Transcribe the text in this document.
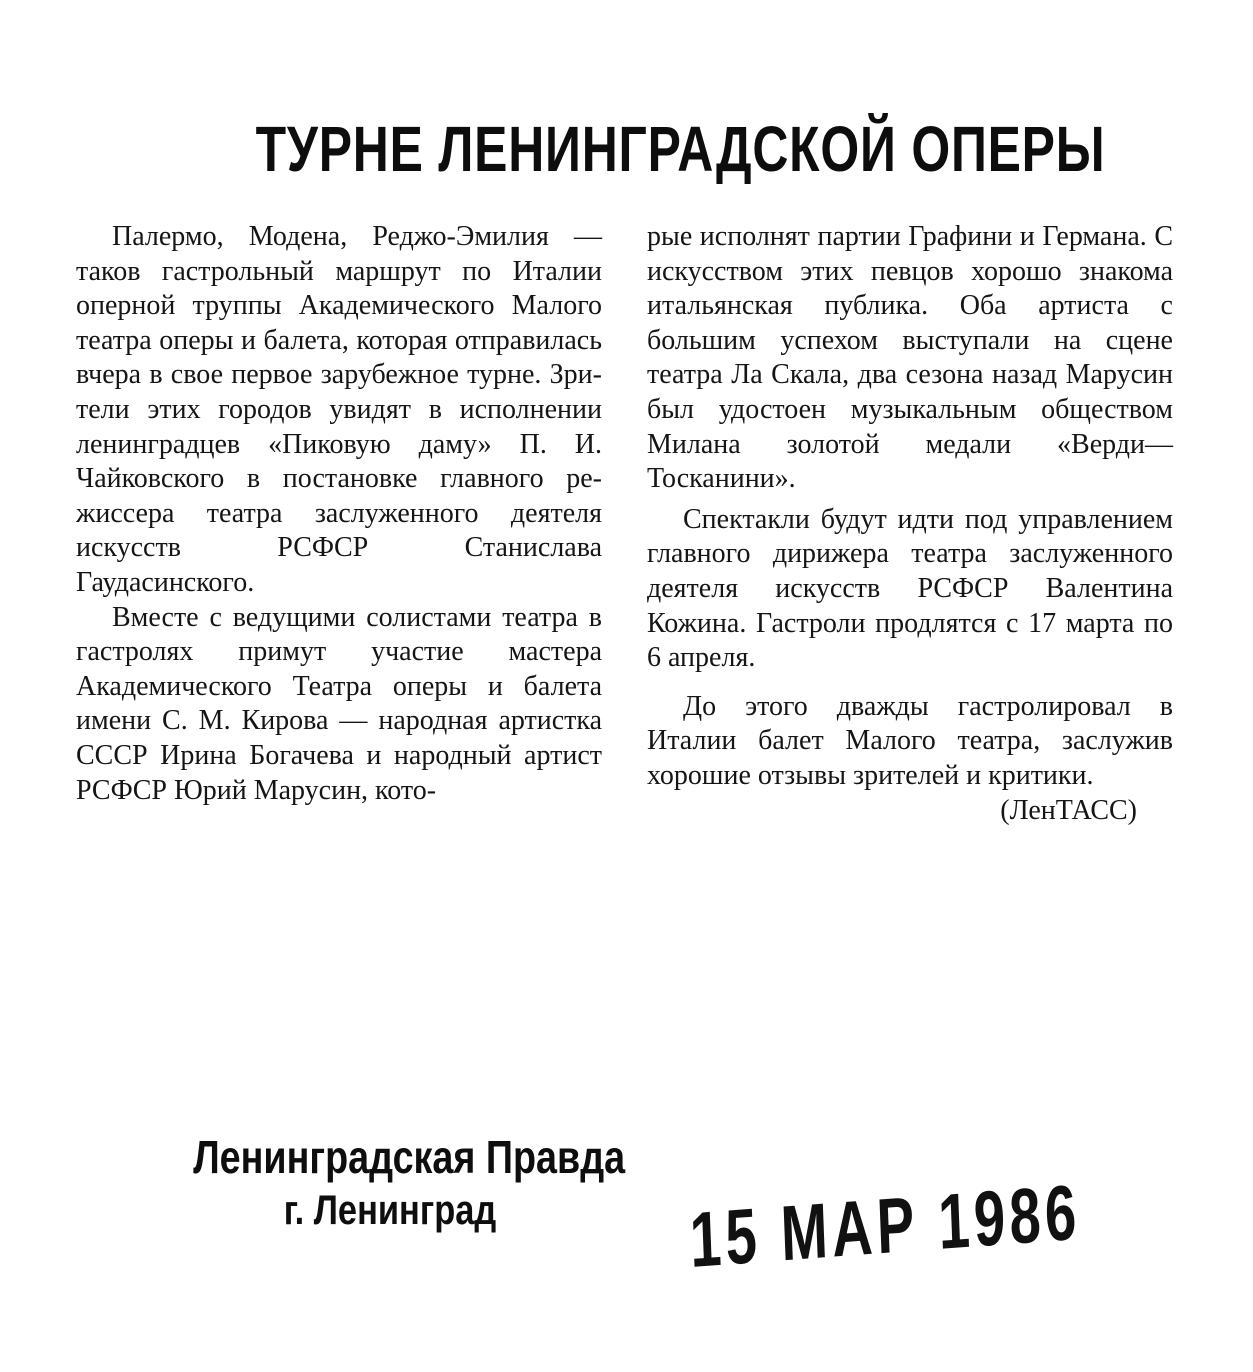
ТУРНЕ ЛЕНИНГРАДСКОЙ ОПЕРЫ

Палермо, Модена, Реджо-Эмилия — таков гастрольный маршрут по Италии оперной труппы Академического Малого театра оперы и балета, которая отправилась вчера в свое первое зарубежное турне. Зрители этих городов увидят в исполнении ленинградцев «Пиковую даму» П. И. Чайковского в постановке главного режиссера театра заслуженного деятеля искусств РСФСР Станислава Гаудасинского.

Вместе с ведущими солистами театра в гастролях примут участие мастера Академического Театра оперы и балета имени С. М. Кирова — народная артистка СССР Ирина Богачева и народный артист РСФСР Юрий Марусин, кото-

рые исполнят партии Графини и Германа. С искусством этих певцов хорошо знакома итальянская публика. Оба артиста с большим успехом выступали на сцене театра Ла Скала, два сезона назад Марусин был удостоен музыкальным обществом Милана золотой медали «Верди—Тосканини».

Спектакли будут идти под управлением главного дирижера театра заслуженного деятеля искусств РСФСР Валентина Кожина. Гастроли продлятся с 17 марта по 6 апреля.

До этого дважды гастролировал в Италии балет Малого театра, заслужив хорошие отзывы зрителей и критики.

(ЛенТАСС)

Ленинградская Правда
г. Ленинград	15 МАР 1986
